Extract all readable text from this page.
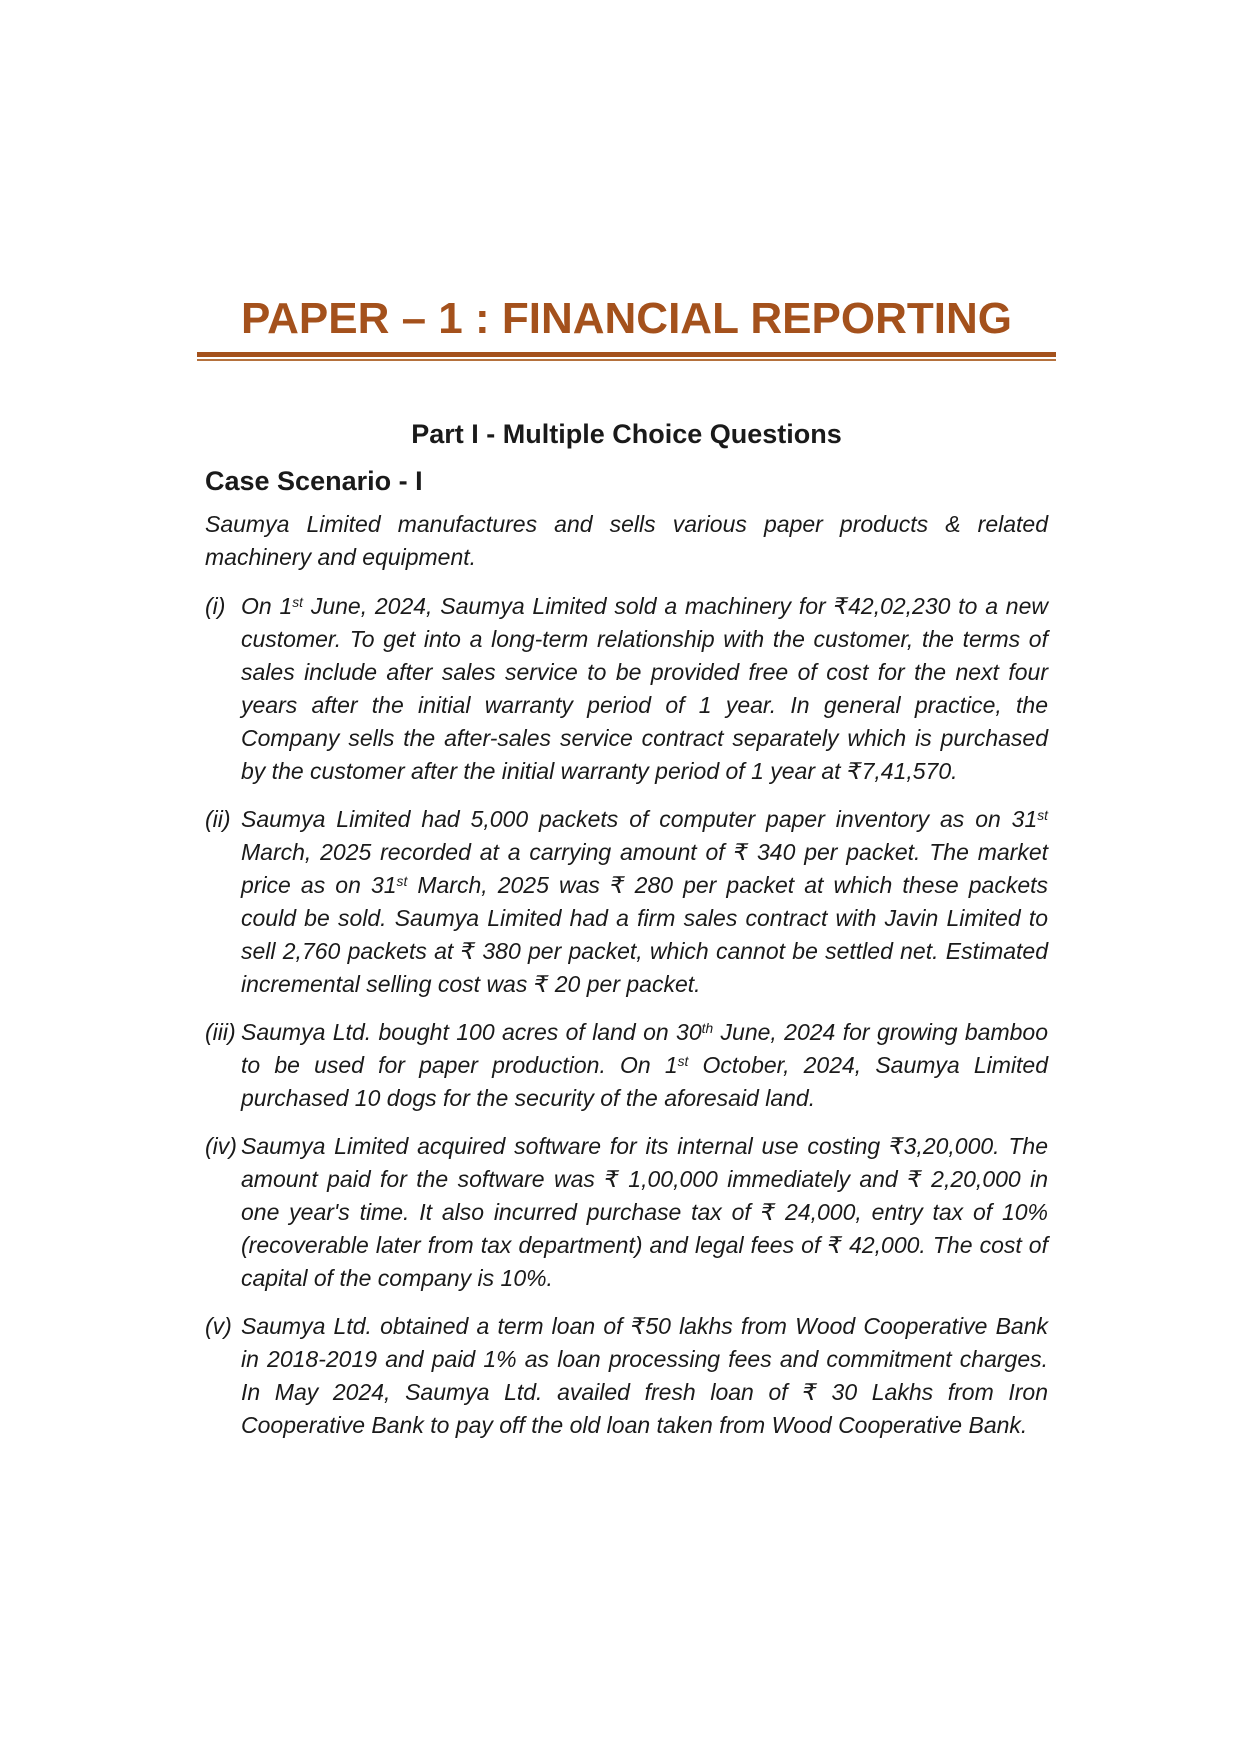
PAPER – 1 : FINANCIAL REPORTING
Part I - Multiple Choice Questions
Case Scenario - I

Saumya Limited manufactures and sells various paper products & related machinery and equipment.

(i) On 1st June, 2024, Saumya Limited sold a machinery for ₹42,02,230 to a new customer. To get into a long-term relationship with the customer, the terms of sales include after sales service to be provided free of cost for the next four years after the initial warranty period of 1 year. In general practice, the Company sells the after-sales service contract separately which is purchased by the customer after the initial warranty period of 1 year at ₹7,41,570.
(ii) Saumya Limited had 5,000 packets of computer paper inventory as on 31st March, 2025 recorded at a carrying amount of ₹ 340 per packet. The market price as on 31st March, 2025 was ₹ 280 per packet at which these packets could be sold. Saumya Limited had a firm sales contract with Javin Limited to sell 2,760 packets at ₹ 380 per packet, which cannot be settled net. Estimated incremental selling cost was ₹ 20 per packet.
(iii) Saumya Ltd. bought 100 acres of land on 30th June, 2024 for growing bamboo to be used for paper production. On 1st October, 2024, Saumya Limited purchased 10 dogs for the security of the aforesaid land.
(iv) Saumya Limited acquired software for its internal use costing ₹3,20,000. The amount paid for the software was ₹ 1,00,000 immediately and ₹ 2,20,000 in one year's time. It also incurred purchase tax of ₹ 24,000, entry tax of 10% (recoverable later from tax department) and legal fees of ₹ 42,000. The cost of capital of the company is 10%.
(v) Saumya Ltd. obtained a term loan of ₹50 lakhs from Wood Cooperative Bank in 2018-2019 and paid 1% as loan processing fees and commitment charges. In May 2024, Saumya Ltd. availed fresh loan of ₹ 30 Lakhs from Iron Cooperative Bank to pay off the old loan taken from Wood Cooperative Bank.
